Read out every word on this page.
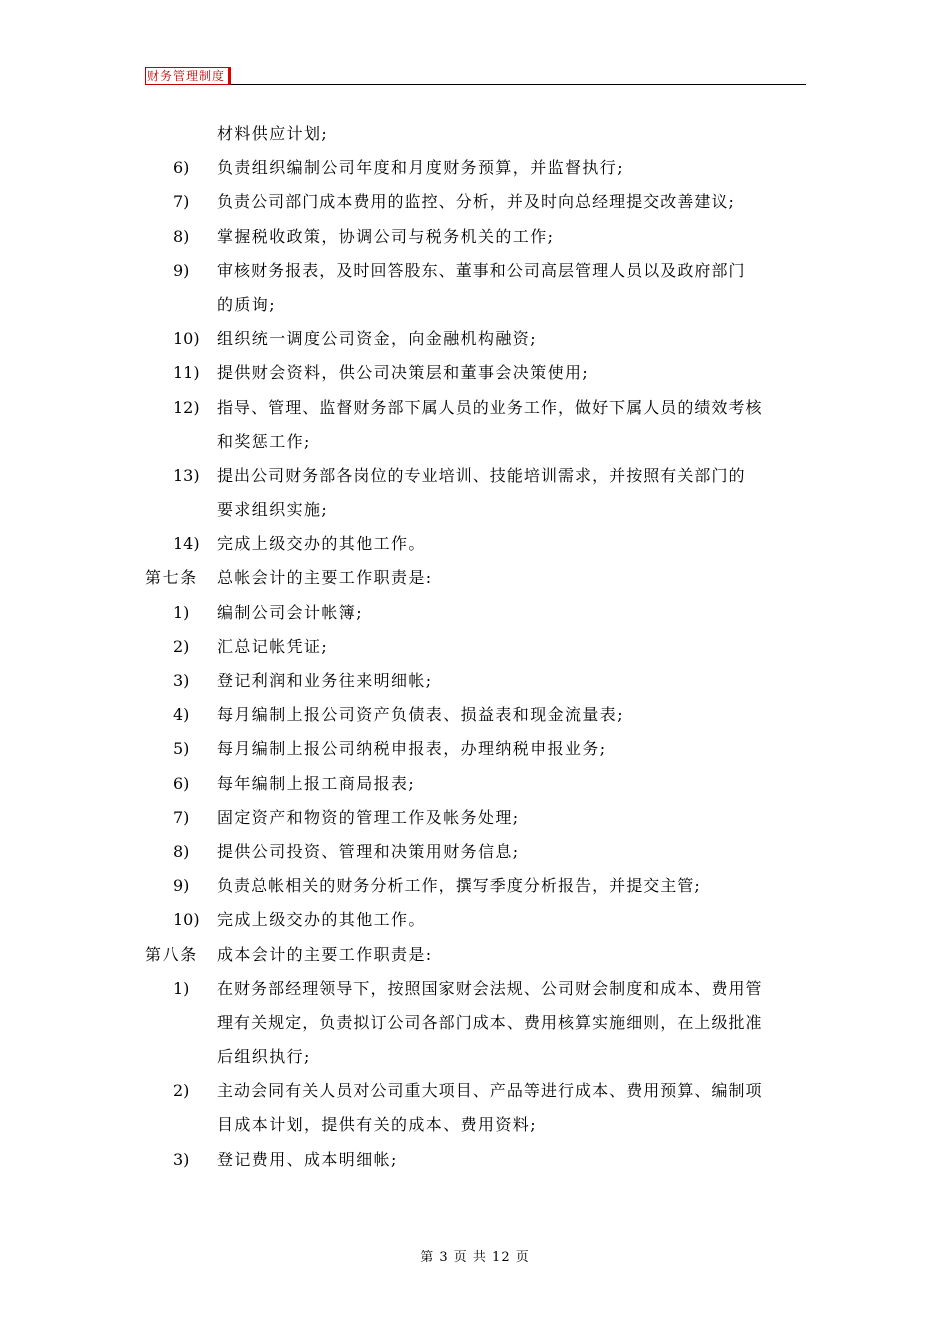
财务管理制度
材料供应计划;
6) 负责组织编制公司年度和月度财务预算，并监督执行;
7) 负责公司部门成本费用的监控、分析，并及时向总经理提交改善建议;
8) 掌握税收政策，协调公司与税务机关的工作;
9) 审核财务报表，及时回答股东、董事和公司高层管理人员以及政府部门
的质询;
10) 组织统一调度公司资金，向金融机构融资;
11) 提供财会资料，供公司决策层和董事会决策使用;
12) 指导、管理、监督财务部下属人员的业务工作，做好下属人员的绩效考核
和奖惩工作;
13) 提出公司财务部各岗位的专业培训、技能培训需求，并按照有关部门的
要求组织实施;
14) 完成上级交办的其他工作。
第七条 总帐会计的主要工作职责是:
1) 编制公司会计帐簿;
2) 汇总记帐凭证;
3) 登记利润和业务往来明细帐;
4) 每月编制上报公司资产负债表、损益表和现金流量表;
5) 每月编制上报公司纳税申报表，办理纳税申报业务;
6) 每年编制上报工商局报表;
7) 固定资产和物资的管理工作及帐务处理;
8) 提供公司投资、管理和决策用财务信息;
9) 负责总帐相关的财务分析工作，撰写季度分析报告，并提交主管;
10) 完成上级交办的其他工作。
第八条 成本会计的主要工作职责是:
1) 在财务部经理领导下，按照国家财会法规、公司财会制度和成本、费用管
理有关规定，负责拟订公司各部门成本、费用核算实施细则，在上级批准
后组织执行;
2) 主动会同有关人员对公司重大项目、产品等进行成本、费用预算、编制项
目成本计划，提供有关的成本、费用资料;
3) 登记费用、成本明细帐;
第 3 页 共 12 页
